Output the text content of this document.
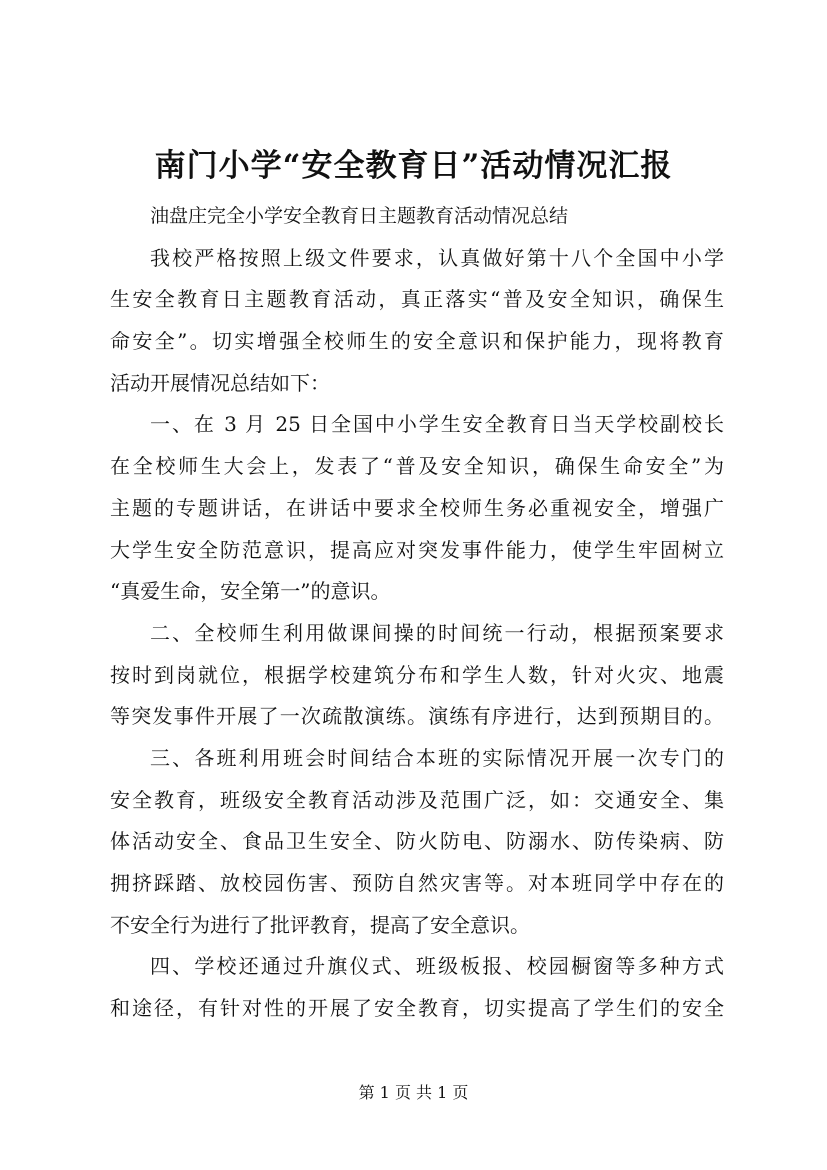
南门小学“安全教育日”活动情况汇报
油盘庄完全小学安全教育日主题教育活动情况总结
我校严格按照上级文件要求，认真做好第十八个全国中小学
生安全教育日主题教育活动，真正落实“普及安全知识，确保生
命安全”。切实增强全校师生的安全意识和保护能力，现将教育
活动开展情况总结如下：
一、在 3 月 25 日全国中小学生安全教育日当天学校副校长
在全校师生大会上，发表了“普及安全知识，确保生命安全”为
主题的专题讲话，在讲话中要求全校师生务必重视安全，增强广
大学生安全防范意识，提高应对突发事件能力，使学生牢固树立
“真爱生命，安全第一”的意识。
二、全校师生利用做课间操的时间统一行动，根据预案要求
按时到岗就位，根据学校建筑分布和学生人数，针对火灾、地震
等突发事件开展了一次疏散演练。演练有序进行，达到预期目的。
三、各班利用班会时间结合本班的实际情况开展一次专门的
安全教育，班级安全教育活动涉及范围广泛，如：交通安全、集
体活动安全、食品卫生安全、防火防电、防溺水、防传染病、防
拥挤踩踏、放校园伤害、预防自然灾害等。对本班同学中存在的
不安全行为进行了批评教育，提高了安全意识。
四、学校还通过升旗仪式、班级板报、校园橱窗等多种方式
和途径，有针对性的开展了安全教育，切实提高了学生们的安全
第 1 页 共 1 页
